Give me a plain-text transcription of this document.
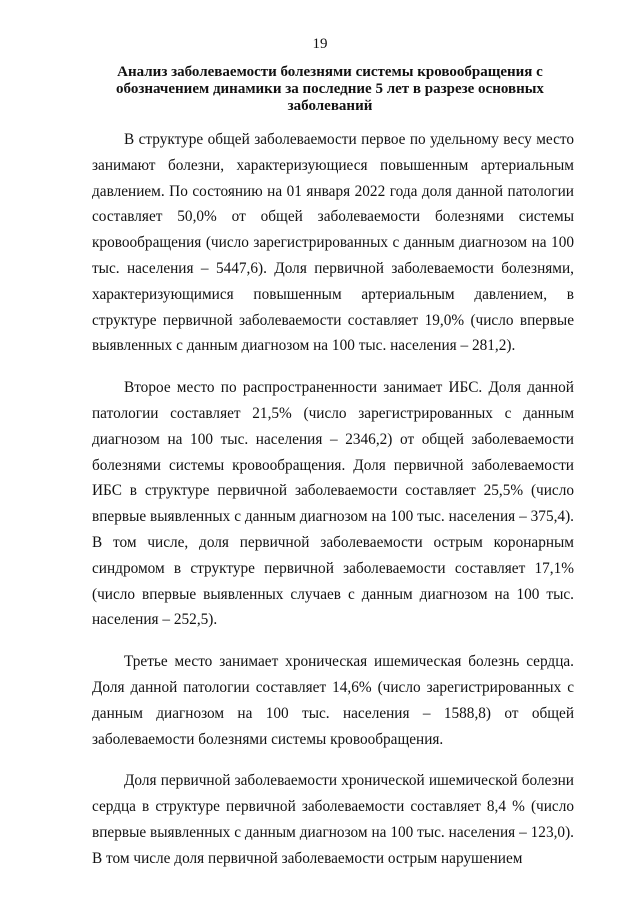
19
Анализ заболеваемости болезнями системы кровообращения с обозначением динамики за последние 5 лет в разрезе основных заболеваний

В структуре общей заболеваемости первое по удельному весу место занимают болезни, характеризующиеся повышенным артериальным давлением. По состоянию на 01 января 2022 года доля данной патологии составляет 50,0% от общей заболеваемости болезнями системы кровообращения (число зарегистрированных с данным диагнозом на 100 тыс. населения – 5447,6). Доля первичной заболеваемости болезнями, характеризующимися повышенным артериальным давлением, в структуре первичной заболеваемости составляет 19,0% (число впервые выявленных с данным диагнозом на 100 тыс. населения – 281,2).

Второе место по распространенности занимает ИБС. Доля данной патологии составляет 21,5% (число зарегистрированных с данным диагнозом на 100 тыс. населения – 2346,2) от общей заболеваемости болезнями системы кровообращения. Доля первичной заболеваемости ИБС в структуре первичной заболеваемости составляет 25,5% (число впервые выявленных с данным диагнозом на 100 тыс. населения – 375,4). В том числе, доля первичной заболеваемости острым коронарным синдромом в структуре первичной заболеваемости составляет 17,1% (число впервые выявленных случаев с данным диагнозом на 100 тыс. населения – 252,5).

Третье место занимает хроническая ишемическая болезнь сердца. Доля данной патологии составляет 14,6% (число зарегистрированных с данным диагнозом на 100 тыс. населения – 1588,8) от общей заболеваемости болезнями системы кровообращения.

Доля первичной заболеваемости хронической ишемической болезни сердца в структуре первичной заболеваемости составляет 8,4 % (число впервые выявленных с данным диагнозом на 100 тыс. населения – 123,0). В том числе доля первичной заболеваемости острым нарушением
